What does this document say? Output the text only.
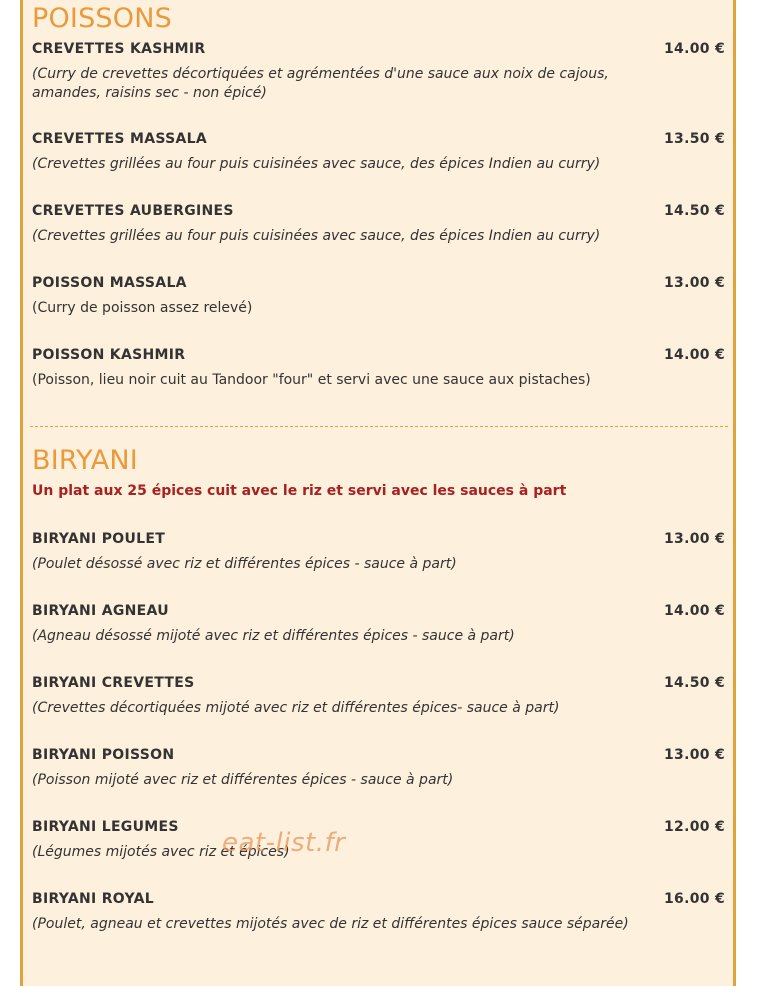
POISSONS
CREVETTES KASHMIR	14.00 €
(Curry de crevettes décortiquées et agrémentées d'une sauce aux noix de cajous, amandes, raisins sec - non épicé)
CREVETTES MASSALA	13.50 €
(Crevettes grillées au four puis cuisinées avec sauce, des épices Indien au curry)
CREVETTES AUBERGINES	14.50 €
(Crevettes grillées au four puis cuisinées avec sauce, des épices Indien au curry)
POISSON MASSALA	13.00 €
(Curry de poisson assez relevé)
POISSON KASHMIR	14.00 €
(Poisson, lieu noir cuit au Tandoor "four" et servi avec une sauce aux pistaches)
BIRYANI
Un plat aux 25 épices cuit avec le riz et servi avec les sauces à part
BIRYANI POULET	13.00 €
(Poulet désossé avec riz et différentes épices - sauce à part)
BIRYANI AGNEAU	14.00 €
(Agneau désossé mijoté avec riz et différentes épices - sauce à part)
BIRYANI CREVETTES	14.50 €
(Crevettes décortiquées mijoté avec riz et différentes épices- sauce à part)
BIRYANI POISSON	13.00 €
(Poisson mijoté avec riz et différentes épices - sauce à part)
BIRYANI LEGUMES	12.00 €
(Légumes mijotés avec riz et épices)
BIRYANI ROYAL	16.00 €
(Poulet, agneau et crevettes mijotés avec de riz et différentes épices sauce séparée)
eat-list.fr
